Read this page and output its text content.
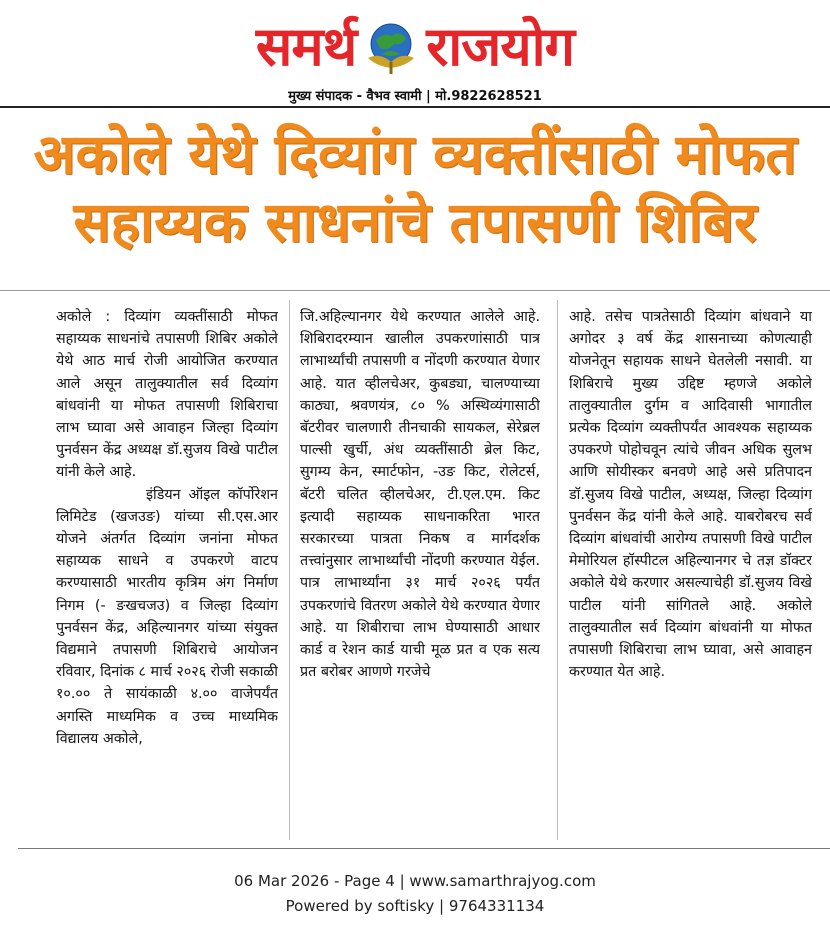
समर्थ राजयोग
मुख्य संपादक - वैभव स्वामी | मो.9822628521
अकोले येथे दिव्यांग व्यक्तींसाठी मोफत
सहाय्यक साधनांचे तपासणी शिबिर

अकोले : दिव्यांग व्यक्तींसाठी मोफत सहाय्यक साधनांचे तपासणी शिबिर अकोले येथे आठ मार्च रोजी आयोजित करण्यात आले असून तालुक्यातील सर्व दिव्यांग बांधवांनी या मोफत तपासणी शिबिराचा लाभ घ्यावा असे आवाहन जिल्हा दिव्यांग पुनर्वसन केंद्र अध्यक्ष डॉ.सुजय विखे पाटील यांनी केले आहे.

इंडियन ऑइल कॉर्पोरेशन लिमिटेड (खजउङ) यांच्या सी.एस.आर योजने अंतर्गत दिव्यांग जनांना मोफत सहाय्यक साधने व उपकरणे वाटप करण्यासाठी भारतीय कृत्रिम अंग निर्माण निगम (- ङखचजउ) व जिल्हा दिव्यांग पुनर्वसन केंद्र, अहिल्यानगर यांच्या संयुक्त विद्यमाने तपासणी शिबिराचे आयोजन रविवार, दिनांक ८ मार्च २०२६ रोजी सकाळी १०.०० ते सायंकाळी ४.०० वाजेपर्यंत अगस्ति माध्यमिक व उच्च माध्यमिक विद्यालय अकोले,

जि.अहिल्यानगर येथे करण्यात आलेले आहे. शिबिरादरम्यान खालील उपकरणांसाठी पात्र लाभार्थ्यांची तपासणी व नोंदणी करण्यात येणार आहे. यात व्हीलचेअर, कुबड्या, चालण्याच्या काठ्या, श्रवणयंत्र, ८० % अस्थिव्यंगासाठी बॅटरीवर चालणारी तीनचाकी सायकल, सेरेब्रल पाल्सी खुर्ची, अंध व्यक्तींसाठी ब्रेल किट, सुगम्य केन, स्मार्टफोन, -उङ किट, रोलेटर्स, बॅटरी चलित व्हीलचेअर, टी.एल.एम. किट इत्यादी सहाय्यक साधनाकरिता भारत सरकारच्या पात्रता निकष व मार्गदर्शक तत्त्वांनुसार लाभार्थ्यांची नोंदणी करण्यात येईल. पात्र लाभार्थ्यांना ३१ मार्च २०२६ पर्यंत उपकरणांचे वितरण अकोले येथे करण्यात येणार आहे. या शिबीराचा लाभ घेण्यासाठी आधार कार्ड व रेशन कार्ड याची मूळ प्रत व एक सत्य प्रत बरोबर आणणे गरजेचे

आहे. तसेच पात्रतेसाठी दिव्यांग बांधवाने या अगोदर ३ वर्ष केंद्र शासनाच्या कोणत्याही योजनेतून सहायक साधने घेतलेली नसावी. या शिबिराचे मुख्य उद्दिष्ट म्हणजे अकोले तालुक्यातील दुर्गम व आदिवासी भागातील प्रत्येक दिव्यांग व्यक्तीपर्यंत आवश्यक सहाय्यक उपकरणे पोहोचवून त्यांचे जीवन अधिक सुलभ आणि सोयीस्कर बनवणे आहे असे प्रतिपादन डॉ.सुजय विखे पाटील, अध्यक्ष, जिल्हा दिव्यांग पुनर्वसन केंद्र यांनी केले आहे. याबरोबरच सर्व दिव्यांग बांधवांची आरोग्य तपासणी विखे पाटील मेमोरियल हॉस्पीटल अहिल्यानगर चे तज्ञ डॉक्टर अकोले येथे करणार असल्याचेही डॉ.सुजय विखे पाटील यांनी सांगितले आहे. अकोले तालुक्यातील सर्व दिव्यांग बांधवांनी या मोफत तपासणी शिबिराचा लाभ घ्यावा, असे आवाहन करण्यात येत आहे.

06 Mar 2026 - Page 4 | www.samarthrajyog.com
Powered by softisky | 9764331134
